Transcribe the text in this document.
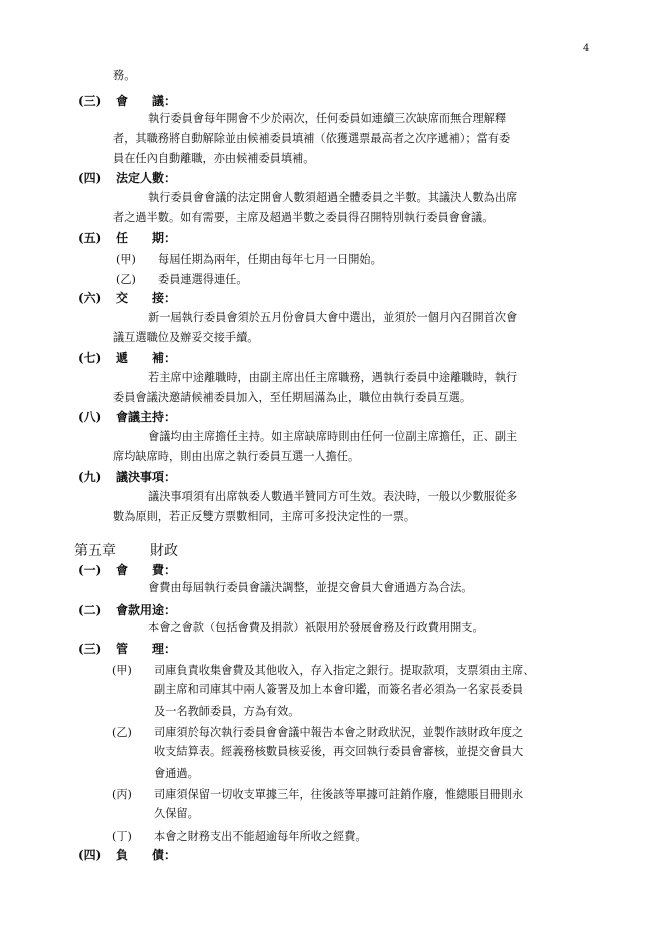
4
務。
(三) 會　　議：
執行委員會每年開會不少於兩次，任何委員如連續三次缺席而無合理解釋
者，其職務將自動解除並由候補委員填補（依獲選票最高者之次序遞補）；當有委
員在任內自動離職，亦由候補委員填補。
(四) 法定人數：
執行委員會會議的法定開會人數須超過全體委員之半數。其議決人數為出席
者之過半數。如有需要，主席及超過半數之委員得召開特別執行委員會會議。
(五) 任　　期：
(甲) 每屆任期為兩年，任期由每年七月一日開始。
(乙) 委員連選得連任。
(六) 交　　接：
新一屆執行委員會須於五月份會員大會中選出，並須於一個月內召開首次會
議互選職位及辦妥交接手續。
(七) 遞　　補：
若主席中途離職時，由副主席出任主席職務，遇執行委員中途離職時，執行
委員會議決邀請候補委員加入，至任期屆滿為止，職位由執行委員互選。
(八) 會議主持：
會議均由主席擔任主持。如主席缺席時則由任何一位副主席擔任，正、副主
席均缺席時，則由出席之執行委員互選一人擔任。
(九) 議決事項：
議決事項須有出席執委人數過半贊同方可生效。表決時，一般以少數服從多
數為原則，若正反雙方票數相同，主席可多投決定性的一票。
第五章 財政
(一) 會　　費：
會費由每屆執行委員會議決調整，並提交會員大會通過方為合法。
(二) 會款用途：
本會之會款（包括會費及捐款）祇限用於發展會務及行政費用開支。
(三) 管　　理：
(甲) 司庫負責收集會費及其他收入，存入指定之銀行。提取款項，支票須由主席、
副主席和司庫其中兩人簽署及加上本會印鑑，而簽名者必須為一名家長委員
及一名教師委員，方為有效。
(乙) 司庫須於每次執行委員會會議中報告本會之財政狀況，並製作該財政年度之
收支結算表。經義務核數員核妥後，再交回執行委員會審核，並提交會員大
會通過。
(丙) 司庫須保留一切收支單據三年，往後該等單據可註銷作廢，惟總賬目冊則永
久保留。
(丁) 本會之財務支出不能超逾每年所收之經費。
(四) 負　　債：
